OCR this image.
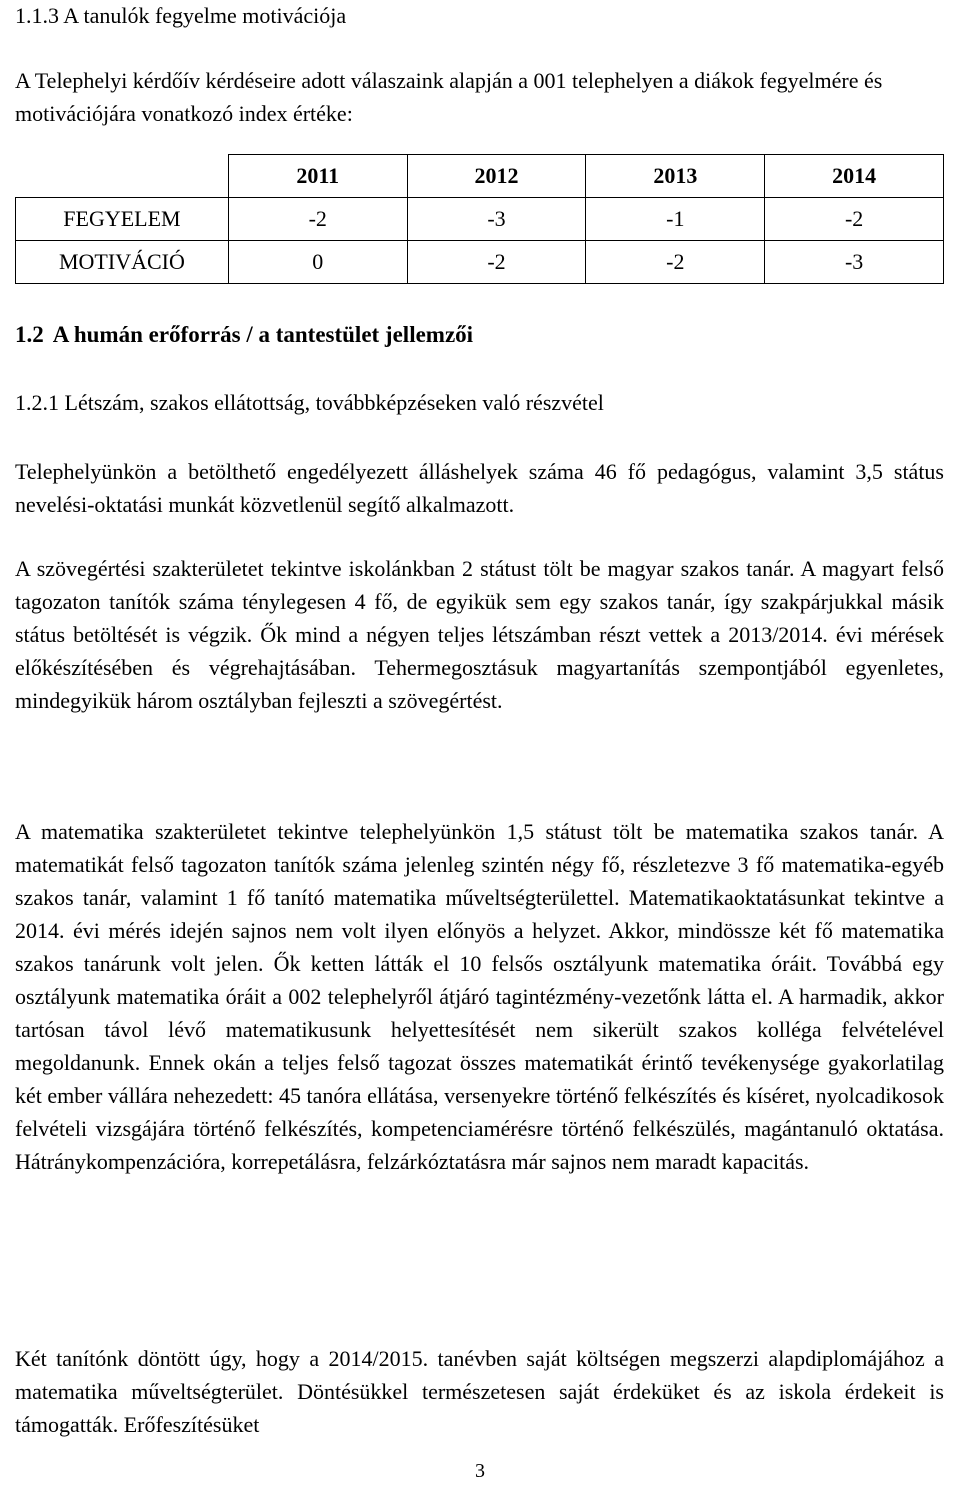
1.1.3 A tanulók fegyelme motivációja
A Telephelyi kérdőív kérdéseire adott válaszaink alapján a 001 telephelyen a diákok fegyelmére és motivációjára vonatkozó index értéke:
	2011	2012	2013	2014
FEGYELEM	-2	-3	-1	-2
MOTIVÁCIÓ	0	-2	-2	-3
1.2 A humán erőforrás / a tantestület jellemzői
1.2.1 Létszám, szakos ellátottság, továbbképzéseken való részvétel
Telephelyünkön a betölthető engedélyezett álláshelyek száma 46 fő pedagógus, valamint 3,5 státus nevelési-oktatási munkát közvetlenül segítő alkalmazott.
A szövegértési szakterületet tekintve iskolánkban 2 státust tölt be magyar szakos tanár. A magyart felső tagozaton tanítók száma ténylegesen 4 fő, de egyikük sem egy szakos tanár, így szakpárjukkal másik státus betöltését is végzik. Ők mind a négyen teljes létszámban részt vettek a 2013/2014. évi mérések előkészítésében és végrehajtásában. Tehermegosztásuk magyartanítás szempontjából egyenletes, mindegyikük három osztályban fejleszti a szövegértést.
A matematika szakterületet tekintve telephelyünkön 1,5 státust tölt be matematika szakos tanár. A matematikát felső tagozaton tanítók száma jelenleg szintén négy fő, részletezve 3 fő matematika-egyéb szakos tanár, valamint 1 fő tanító matematika műveltségterülettel. Matematikaoktatásunkat tekintve a 2014. évi mérés idején sajnos nem volt ilyen előnyös a helyzet. Akkor, mindössze két fő matematika szakos tanárunk volt jelen. Ők ketten látták el 10 felsős osztályunk matematika óráit. Továbbá egy osztályunk matematika óráit a 002 telephelyről átjáró tagintézmény-vezetőnk látta el. A harmadik, akkor tartósan távol lévő matematikusunk helyettesítését nem sikerült szakos kolléga felvételével megoldanunk. Ennek okán a teljes felső tagozat összes matematikát érintő tevékenysége gyakorlatilag két ember vállára nehezedett: 45 tanóra ellátása, versenyekre történő felkészítés és kíséret, nyolcadikosok felvételi vizsgájára történő felkészítés, kompetenciamérésre történő felkészülés, magántanuló oktatása. Hátránykompenzációra, korrepetálásra, felzárkóztatásra már sajnos nem maradt kapacitás.
Két tanítónk döntött úgy, hogy a 2014/2015. tanévben saját költségen megszerzi alapdiplomájához a matematika műveltségterület. Döntésükkel természetesen saját érdeküket és az iskola érdekeit is támogatták. Erőfeszítésüket
3
